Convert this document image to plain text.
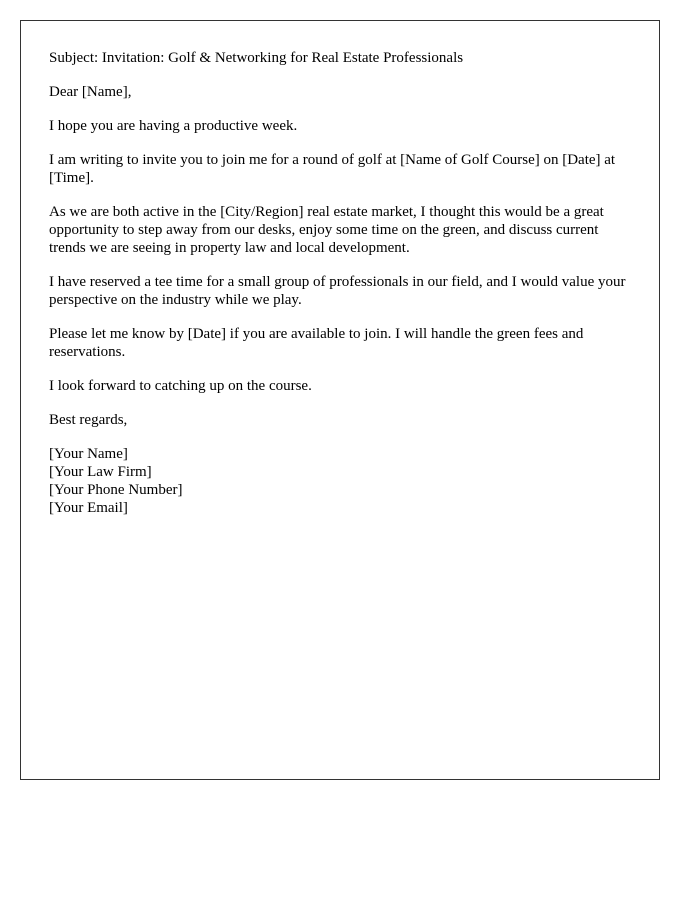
Subject: Invitation: Golf & Networking for Real Estate Professionals

Dear [Name],

I hope you are having a productive week.

I am writing to invite you to join me for a round of golf at [Name of Golf Course] on [Date] at [Time].

As we are both active in the [City/Region] real estate market, I thought this would be a great opportunity to step away from our desks, enjoy some time on the green, and discuss current trends we are seeing in property law and local development.

I have reserved a tee time for a small group of professionals in our field, and I would value your perspective on the industry while we play.

Please let me know by [Date] if you are available to join. I will handle the green fees and reservations.

I look forward to catching up on the course.

Best regards,

[Your Name]

[Your Law Firm]

[Your Phone Number]

[Your Email]
